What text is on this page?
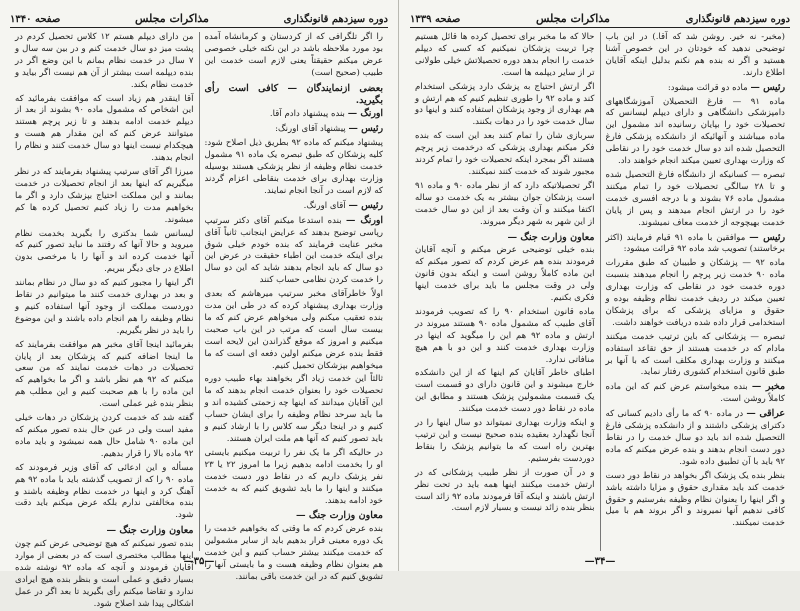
دوره سیزدهم قانونگذاری
مذاکرات مجلس
صفحه ۱۳۴۰

را اگر تلگرافی که از کردستان و کرمانشاه آمده بود مورد ملاحظه باشد در این نکته خیلی خصوصی عرض میکنم حقیقتاً یعنی لازم است خدمت این طبیب (صحیح است)

بعضی ازنمایندگان — کافی است رأی بگیرید.

اورنگ — بنده پیشنهاد دادم آقا.

رئیس — پیشنهاد آقای اورنگ:

پیشنهاد میکنم که ماده ۹۲ بطریق ذیل اصلاح شود: کلیه پزشکان که طبق تبصره یک ماده ۹۱ مشمول خدمت نظام وظیفه از نظر پزشکی هستند بوسیله وزارت بهداری برای خدمت بنقاطی اعزام گردند که لازم است در آنجا انجام نمایند.

رئیس — آقای اورنگ.

اورنگ — بنده استدعا میکنم آقای دکتر سرتیپ رپاسی توضیح بدهند که عرایض اینجانب ثانیاً آقای مخبر عنایت فرمایند که بنده خودم خیلی شوق برای اینکه خدمت این اطباء حقیقت در عرض این دو سال که باید انجام بدهند شاید که این دو سال را خدمت کردن نظامی حساب کنند

اولاً خاطرآقای مخبر سرتیپ میرهاشم که بعدی وزارت بهداری پیشنهاد کرده که در طی این مدت بنده تعقیب میکنم ولی میخواهم عرض کنم که ما بیست سال است که مرتب در این باب صحبت میکنیم و امروز که موقع گذراندن این لایحه است فقط بنده عرض میکنم اولین دفعه ای است که ما میخواهیم بپزشکان تحمیل کنیم.

ثالثاً این خدمت زیاد اگر بخواهند بهاء طبیب دوره تحصیلات خود را بعنوان خدمت انجام بدهند که ما این آقایان میدانند که اینها چه زحمتی کشیده اند و ما باید سرحد نظام وظیفه را برای ایشان حساب کنیم و در اینجا دیگر سه کلاس را با ارشاد کنیم و باید تصور کنیم که آنها هم ملت ایران هستند.

در حالیکه اگر ما یک نفر را تربیت میکنیم بایستی او را بخدمت ادامه بدهیم زیرا ما امروز ۲۲ یا ۲۳ نفر پزشک داریم که در نقاط دور دست خدمت میکنند و اینها را ما باید تشویق کنیم که به خدمت خود ادامه بدهند.

معاون وزارت جنگ —

بنده عرض کردم که ما وقتی که بخواهیم خدمت را یک دوره معینی قرار بدهیم باید از سایر مشمولین که خدمت میکنند بیشتر حساب کنیم و این خدمت هم بعنوان نظام وظیفه هست و ما بایستی آنها را تشویق کنیم که در این خدمت باقی بمانند.

من دارای دیپلم هستم ۱۲ کلاس تحصیل کردم در پشت میز دو سال خدمت کنم و در بین سه سال و ۷ سال در خدمت نظام بمانم با این وضع اگر در بنده دیپلمه است بیشتر از آن هم نیست اگر بیاید و خدمت نظام بکند.

آقا اینقدر هم زیاد است که موافقت بفرمائید که این اشخاص که مشمول ماده ۹۰ بشوند از بعد از دیپلم خدمت ادامه بدهند و تا زیر پرچم هستند میتوانند عرض کنم که این مقدار هم هست و هیچکدام نیست اینها دو سال خدمت کنند و نظام را انجام بدهند.

میرزا اگر آقای سرتیپ پیشنهاد بفرمایند که در نظر میگیریم که اینها بعد از انجام تحصیلات در خدمت بمانند و این مملکت احتیاج بپزشک دارد و اگر ما بخواهیم مدت را زیاد کنیم تحصیل کرده ها کم میشوند.

لیسانس شما بدکتری را بگیرید بخدمت نظام میروید و حالا آنها که رفتند ما نباید تصور کنیم که آنها خدمت کرده اند و آنها را با مرخصی بدون اطلاع در جای دیگر ببریم.

اگر اینها را مجبور کنیم که دو سال در نظام بمانند و بعد در بهداری خدمت کنند ما میتوانیم در نقاط دوردست مملکت از وجود آنها استفاده کنیم و نظام وظیفه را هم انجام داده باشند و این موضوع را باید در نظر بگیریم.

بفرمائید اینجا آقای مخبر هم موافقت بفرمایند که ما اینجا اضافه کنیم که پزشکان بعد از پایان تحصیلات در دهات خدمت نمایند که من سعی میکنم که ۹۲ هم نظر باشد و اگر ما بخواهیم که این ماده را با هم صحبت کنیم و این مطلب هم بنظر بنده غیر عملی است.

گفته شد که خدمت کردن پزشکان در دهات خیلی مفید است ولی در عین حال بنده تصور میکنم که این ماده ۹۰ شامل حال همه نمیشود و باید ماده ۹۲ ماده بالا را قرار بدهیم.

مسأله و این ادعائی که آقای وزیر فرمودند که ماده ۹۰ را که از تصویب گذشته باید با ماده ۹۲ هم آهنگ کرد و اینها در خدمت نظام وظیفه باشند و بنده مخالفتی ندارم بلکه عرض میکنم باید دقت شود.

معاون وزارت جنگ —

بنده تصور نمیکنم که هیچ توضیحی عرض کنم چون اینها مطالب مختصری است که در بعضی از موارد آقایان فرمودند و آنچه که ماده ۹۲ نوشته شده بسیار دقیق و عملی است و بنظر بنده هیچ ایرادی ندارد و تقاضا میکنم رأی بگیرید تا بعد اگر در عمل اشکالی پیدا شد اصلاح شود.

—۳۵—
دوره سیزدهم قانونگذاری
مذاکرات مجلس
صفحه ۱۳۳۹

(مخبر- نه خیر. روشن شد که آقا.) در این باب توضیحی ندهید که خودتان در این خصوص آشنا هستید و اگر نه بنده هم نکنم بدلیل اینکه آقایان اطلاع دارند.

رئیس — ماده دو قرائت میشود:

ماده ۹۱ — فارغ التحصیلان آموزشگاههای دامپزشکی دانشگاهی و دارای دیپلم لیسانس که تحصیلات خود را بپایان رسانیده اند مشمول این ماده میباشند و آنهائیکه از دانشکده پزشکی فارغ التحصیل شده اند دو سال خدمت خود را در نقاطی که وزارت بهداری تعیین میکند انجام خواهند داد.

تبصره — کسانیکه از دانشگاه فارغ التحصیل شده و تا ۲۸ سالگی تحصیلات خود را تمام میکنند مشمول ماده ۷۶ بشوند و با درجه افسری خدمت خود را در ارتش انجام میدهند و پس از پایان خدمت بهیچوجه از خدمت معاف نمیشوند.

رئیس — موافقین با ماده ۹۱ قیام فرمایند (اکثر برخاستند) تصویب شد ماده ۹۲ قرائت میشود:

ماده ۹۲ — پزشکان و طبیبان که طبق مقررات ماده ۹۰ خدمت زیر پرچم را انجام میدهند بنسبت دوره خدمت خود در نقاطی که وزارت بهداری تعیین میکند در ردیف خدمت نظام وظیفه بوده و حقوق و مزایای پزشکی که برای پزشکان استخدامی قرار داده شده دریافت خواهند داشت.

تبصره — پزشکانی که باین ترتیب خدمت میکنند مادام که در خدمت هستند از حق تقاعد استفاده میکنند و وزارت بهداری مکلف است که با آنها بر طبق قانون استخدام کشوری رفتار نماید.

مخبر — بنده میخواستم عرض کنم که این ماده کاملاً روشن است.

عراقی — در ماده ۹۰ که ما رأی دادیم کسانی که دکترای پزشکی داشتند و از دانشکده پزشکی فارغ التحصیل شده اند باید دو سال خدمت را در نقاط دور دست انجام بدهند و بنده عرض میکنم که ماده ۹۲ باید با آن تطبیق داده شود.

بنظر بنده یک پزشک اگر بخواهد در نقاط دور دست خدمت کند باید مقداری حقوق و مزایا داشته باشد و اگر اینها را بعنوان نظام وظیفه بفرستیم و حقوق کافی ندهیم آنها نمیروند و اگر بروند هم با میل خدمت نمیکنند.

حالا که ما مخبر برای تحصیل کرده ها قائل هستیم چرا تربیت پزشکان نمیکنیم که کسی که دیپلم خدمت را انجام بدهد دوره تحصیلاتش خیلی طولانی تر از سایر دیپلمه ها است.

اگر ارتش احتیاج به پزشک دارد پزشکی استخدام کند و ماده ۹۲ را طوری تنظیم کنیم که هم ارتش و هم بهداری از وجود پزشکان استفاده کنند و اینها دو سال خدمت خود را در دهات بکنند.

سربازی شان را تمام کنند بعد این است که بنده فکر میکنم بهداری پزشکی که درخدمت زیر پرچم هستند اگر بمجرد اینکه تحصیلات خود را تمام کردند مجبور شوند که خدمت کنند نمیکنند.

اگر تحصیلاتیکه دارد که از نظر ماده ۹۰ و ماده ۹۱ است پزشکان جوان بیشتر به یک خدمت دو ساله اکتفا میکنند و آن وقت بعد از این دو سال خدمت از این شهر به شهر دیگر میروند.

معاون وزارت جنگ —

بنده خیلی توضیحی عرض میکنم و آنچه آقایان فرمودند بنده هم عرض کردم که تصور میکنم که این ماده کاملاً روشن است و اینکه بدون قانون ولی در وقت مجلس ما باید برای خدمت اینها فکری بکنیم.

ماده قانون استخدام ۹۰ را که تصویب فرمودند آقای طبیب که مشمول ماده ۹۰ هستند میروند در ارتش و ماده ۹۲ هم این را میگوید که اینها در وزارت بهداری خدمت کنند و این دو با هم هیچ منافاتی ندارد.

اطبای خاطر آقایان کم اینها که از این دانشکده خارج میشوند و این قانون دارای دو قسمت است یک قسمت مشمولین پزشک هستند و مطابق این ماده در نقاط دور دست خدمت میکنند.

و اینکه وزارت بهداری نمیتواند دو سال اینها را در آنجا نگهدارد بعقیده بنده صحیح نیست و این ترتیب بهترین راه است که ما بتوانیم پزشک را بنقاط دوردست بفرستیم.

و در آن صورت از نظر طبیب پزشکانی که در ارتش خدمت میکنند اینها همه باید در تحت نظر ارتش باشند و اینکه آقا فرمودند ماده ۹۲ زائد است بنظر بنده زائد نیست و بسیار لازم است.

—۳۴—
